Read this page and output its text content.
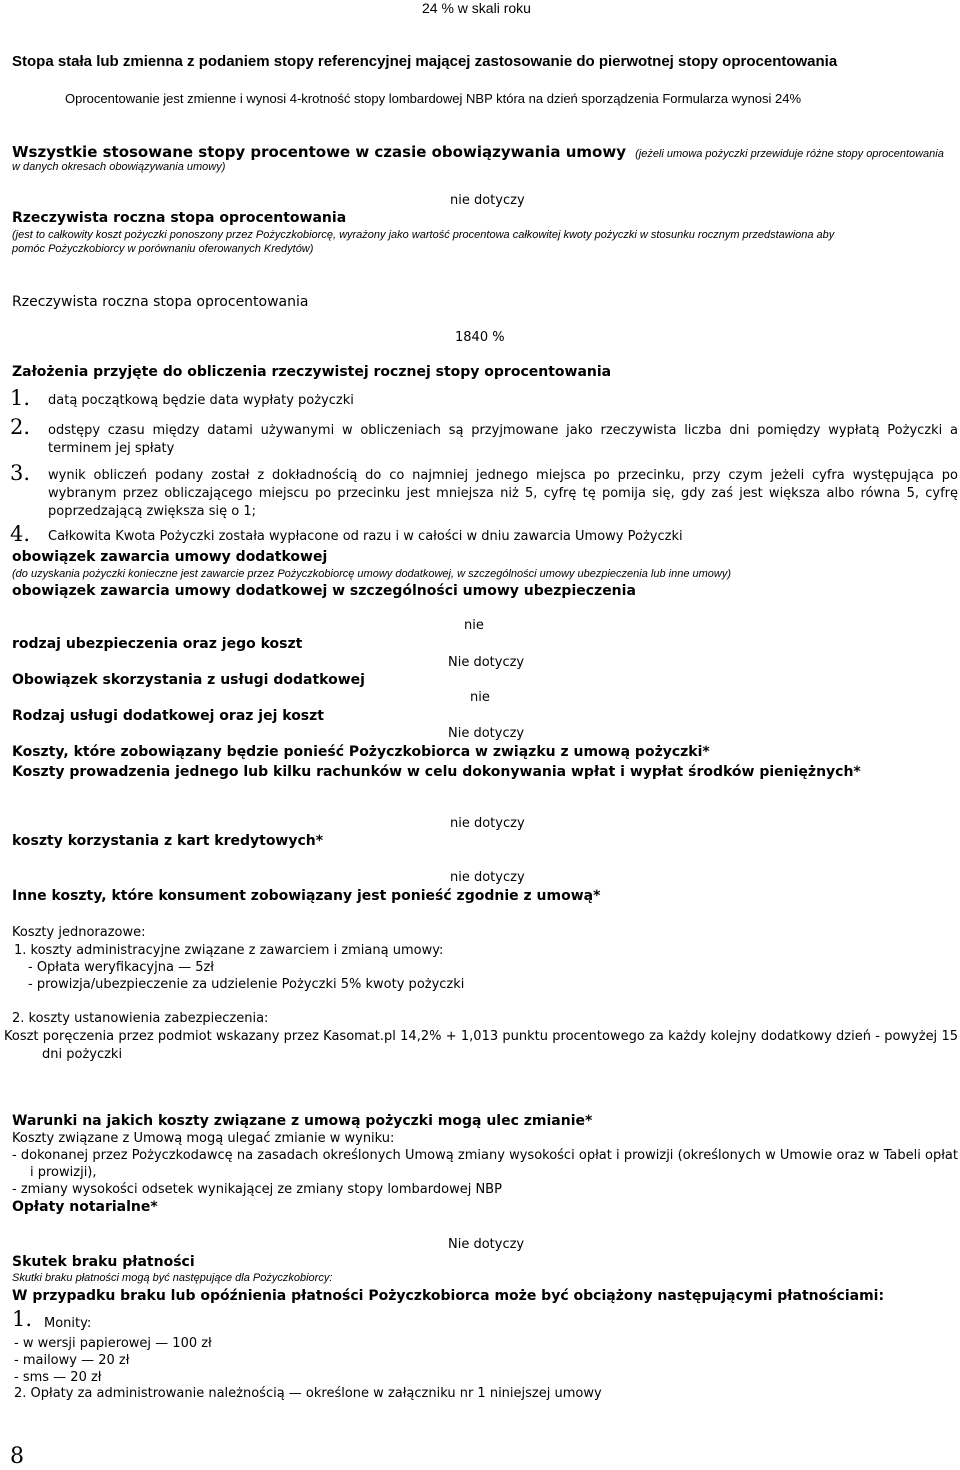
24 % w skali roku
Stopa stała lub zmienna z podaniem stopy referencyjnej mającej zastosowanie do pierwotnej stopy oprocentowania
Oprocentowanie jest zmienne i wynosi 4-krotność stopy lombardowej NBP która na dzień sporządzenia Formularza wynosi 24%
Wszystkie stosowane stopy procentowe w czasie obowiązywania umowy (jeżeli umowa pożyczki przewiduje różne stopy oprocentowania
w danych okresach obowiązywania umowy)
nie dotyczy
Rzeczywista roczna stopa oprocentowania
(jest to całkowity koszt pożyczki ponoszony przez Pożyczkobiorcę, wyrażony jako wartość procentowa całkowitej kwoty pożyczki w stosunku rocznym przedstawiona aby
pomóc Pożyczkobiorcy w porównaniu oferowanych Kredytów)
Rzeczywista roczna stopa oprocentowania
1840 %
Założenia przyjęte do obliczenia rzeczywistej rocznej stopy oprocentowania
1. datą początkową będzie data wypłaty pożyczki
2. odstępy czasu między datami używanymi w obliczeniach są przyjmowane jako rzeczywista liczba dni pomiędzy wypłatą Pożyczki a terminem jej spłaty
3. wynik obliczeń podany został z dokładnością do co najmniej jednego miejsca po przecinku, przy czym jeżeli cyfra występująca po wybranym przez obliczającego miejscu po przecinku jest mniejsza niż 5, cyfrę tę pomija się, gdy zaś jest większa albo równa 5, cyfrę poprzedzającą zwiększa się o 1;
4. Całkowita Kwota Pożyczki została wypłacone od razu i w całości w dniu zawarcia Umowy Pożyczki
obowiązek zawarcia umowy dodatkowej
(do uzyskania pożyczki konieczne jest zawarcie przez Pożyczkobiorcę umowy dodatkowej, w szczególności umowy ubezpieczenia lub inne umowy)
obowiązek zawarcia umowy dodatkowej w szczególności umowy ubezpieczenia
nie
rodzaj ubezpieczenia oraz jego koszt
Nie dotyczy
Obowiązek skorzystania z usługi dodatkowej
nie
Rodzaj usługi dodatkowej oraz jej koszt
Nie dotyczy
Koszty, które zobowiązany będzie ponieść Pożyczkobiorca w związku z umową pożyczki*
Koszty prowadzenia jednego lub kilku rachunków w celu dokonywania wpłat i wypłat środków pieniężnych*
nie dotyczy
koszty korzystania z kart kredytowych*
nie dotyczy
Inne koszty, które konsument zobowiązany jest ponieść zgodnie z umową*
Koszty jednorazowe:
1. koszty administracyjne związane z zawarciem i zmianą umowy:
- Opłata weryfikacyjna — 5zł
- prowizja/ubezpieczenie za udzielenie Pożyczki 5% kwoty pożyczki
2. koszty ustanowienia zabezpieczenia:
Koszt poręczenia przez podmiot wskazany przez Kasomat.pl 14,2% + 1,013 punktu procentowego za każdy kolejny dodatkowy dzień - powyżej 15 dni pożyczki
Warunki na jakich koszty związane z umową pożyczki mogą ulec zmianie*
Koszty związane z Umową mogą ulegać zmianie w wyniku:
- dokonanej przez Pożyczkodawcę na zasadach określonych Umową zmiany wysokości opłat i prowizji (określonych w Umowie oraz w Tabeli opłat i prowizji),
- zmiany wysokości odsetek wynikającej ze zmiany stopy lombardowej NBP
Opłaty notarialne*
Nie dotyczy
Skutek braku płatności
Skutki braku płatności mogą być następujące dla Pożyczkobiorcy:
W przypadku braku lub opóźnienia płatności Pożyczkobiorca może być obciążony następującymi płatnościami:
1. Monity:
- w wersji papierowej — 100 zł
- mailowy — 20 zł
- sms — 20 zł
2. Opłaty za administrowanie należnością — określone w załączniku nr 1 niniejszej umowy
8
